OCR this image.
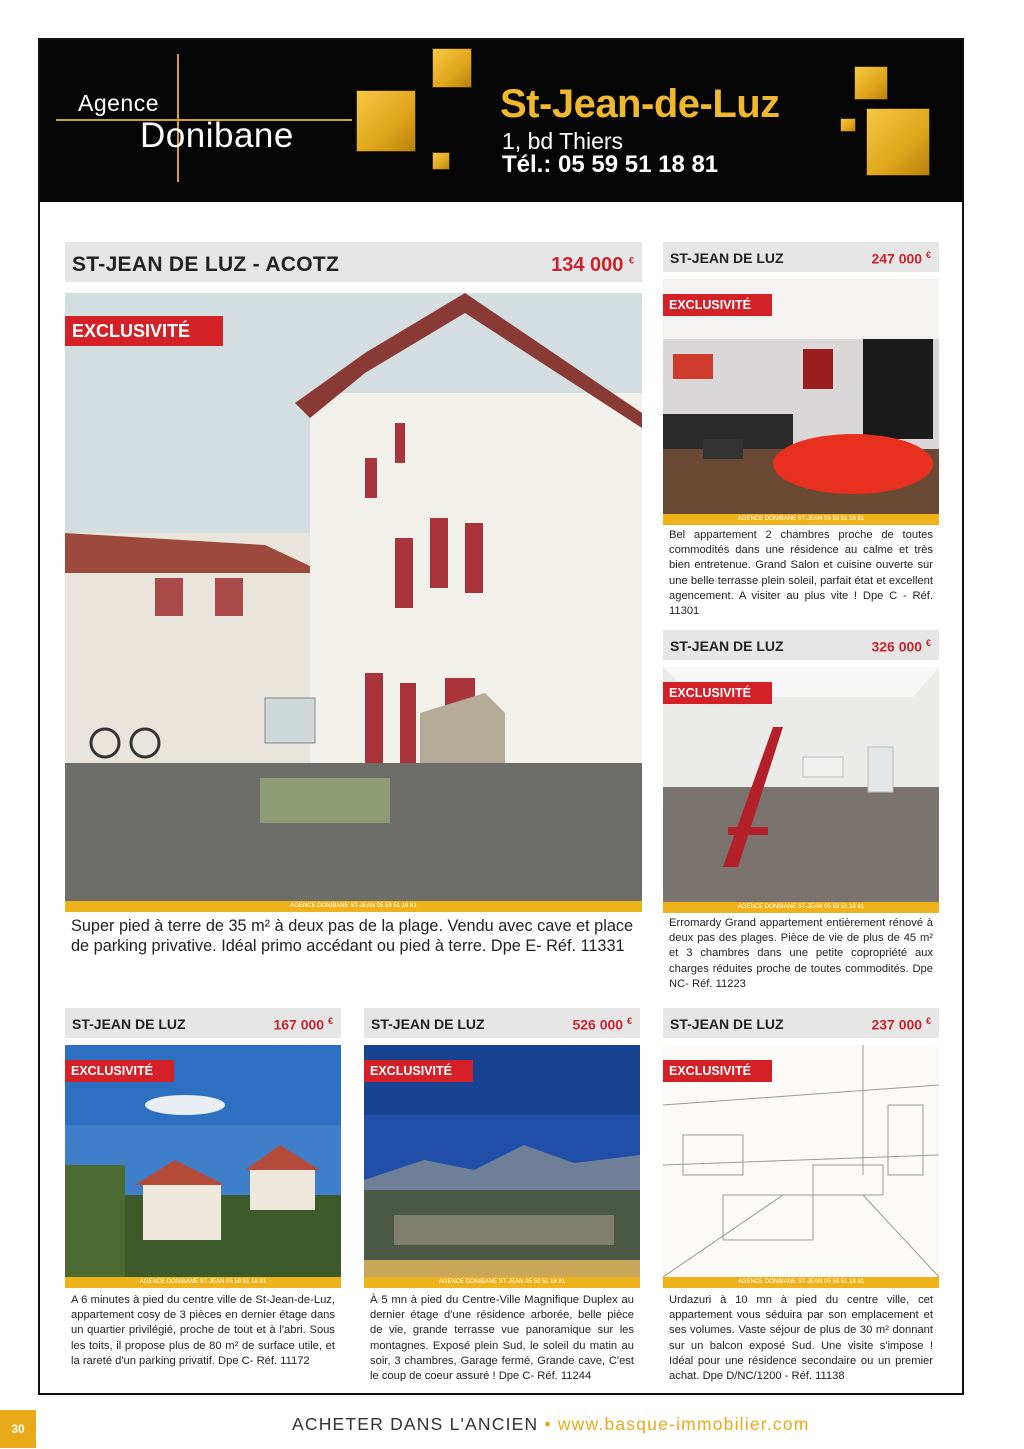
Agence
Donibane
St-Jean-de-Luz
1, bd Thiers
Tél.: 05 59 51 18 81
ST-JEAN DE LUZ - ACOTZ	134 000 €
EXCLUSIVITÉ
AGENCE DONIBANE ST-JEAN 05 59 51 18 81
Super pied à terre de 35 m² à deux pas de la plage. Vendu avec cave et place de parking privative. Idéal primo accédant ou pied à terre. Dpe E- Réf. 11331
ST-JEAN DE LUZ	247 000 €
EXCLUSIVITÉ
AGENCE DONIBANE ST-JEAN 05 59 51 18 81
Bel appartement 2 chambres proche de toutes commodités dans une résidence au calme et très bien entretenue. Grand Salon et cuisine ouverte sur une belle terrasse plein soleil, parfait état et excellent agencement. A visiter au plus vite ! Dpe C - Réf. 11301
ST-JEAN DE LUZ	326 000 €
EXCLUSIVITÉ
AGENCE DONIBANE ST-JEAN 05 59 51 18 81
Erromardy Grand appartement entièrement rénové à deux pas des plages. Pièce de vie de plus de 45 m² et 3 chambres dans une petite copropriété aux charges réduites proche de toutes commodités. Dpe NC- Réf. 11223
ST-JEAN DE LUZ	167 000 €
EXCLUSIVITÉ
AGENCE DONIBANE ST-JEAN 05 59 51 18 81
A 6 minutes à pied du centre ville de St-Jean-de-Luz, appartement cosy de 3 pièces en dernier étage dans un quartier privilégié, proche de tout et à l'abri. Sous les toits, il propose plus de 80 m² de surface utile, et la rareté d'un parking privatif. Dpe C- Réf. 11172
ST-JEAN DE LUZ	526 000 €
EXCLUSIVITÉ
AGENCE DONIBANE ST-JEAN 05 59 51 18 81
À 5 mn à pied du Centre-Ville Magnifique Duplex au dernier étage d'une résidence arborée, belle pièce de vie, grande terrasse vue panoramique sur les montagnes. Exposé plein Sud, le soleil du matin au soir, 3 chambres, Garage fermé, Grande cave, C'est le coup de coeur assuré ! Dpe C- Réf. 11244
ST-JEAN DE LUZ	237 000 €
EXCLUSIVITÉ
AGENCE DONIBANE ST-JEAN 05 59 51 18 81
Urdazuri à 10 mn à pied du centre ville, cet appartement vous séduira par son emplacement et ses volumes. Vaste séjour de plus de 30 m² donnant sur un balcon exposé Sud. Une visite s'impose ! Idéal pour une résidence secondaire ou un premier achat. Dpe D/NC/1200 - Réf. 11138
30	ACHETER DANS L'ANCIEN • www.basque-immobilier.com
